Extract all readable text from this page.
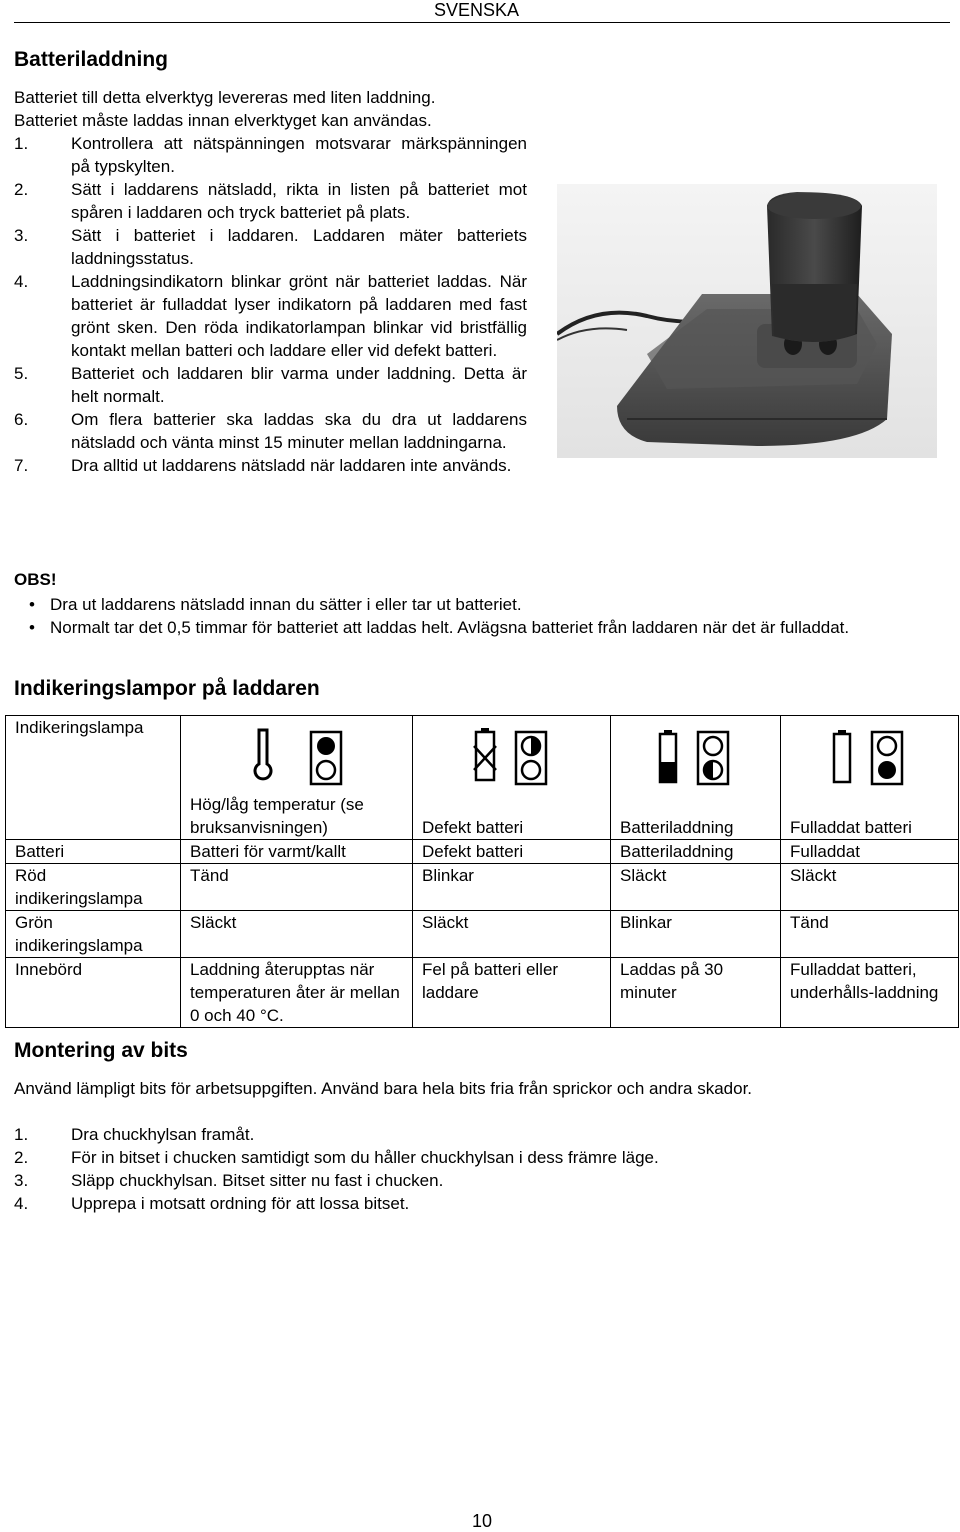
SVENSKA
Batteriladdning
Batteriet till detta elverktyg levereras med liten laddning.
Batteriet måste laddas innan elverktyget kan användas.
1.	Kontrollera att nätspänningen motsvarar märkspänningen på typskylten.
2.	Sätt i laddarens nätsladd, rikta in listen på batteriet mot spåren i laddaren och tryck batteriet på plats.
3.	Sätt i batteriet i laddaren. Laddaren mäter batteriets laddningsstatus.
4.	Laddningsindikatorn blinkar grönt när batteriet laddas. När batteriet är fulladdat lyser indikatorn på laddaren med fast grönt sken. Den röda indikatorlampan blinkar vid bristfällig kontakt mellan batteri och laddare eller vid defekt batteri.
5.	Batteriet och laddaren blir varma under laddning. Detta är helt normalt.
6.	Om flera batterier ska laddas ska du dra ut laddarens nätsladd och vänta minst 15 minuter mellan laddningarna.
7.	Dra alltid ut laddarens nätsladd när laddaren inte används.
OBS!
• Dra ut laddarens nätsladd innan du sätter i eller tar ut batteriet.
• Normalt tar det 0,5 timmar för batteriet att laddas helt. Avlägsna batteriet från laddaren när det är fulladdat.
Indikeringslampor på laddaren
Indikeringslampa	Hög/låg temperatur (se bruksanvisningen)	Defekt batteri	Batteriladdning	Fulladdat batteri

Batteri	Batteri för varmt/kallt	Defekt batteri	Batteriladdning	Fulladdat
Röd indikeringslampa	Tänd	Blinkar	Släckt	Släckt
Grön indikeringslampa	Släckt	Släckt	Blinkar	Tänd
Innebörd	Laddning återupptas när temperaturen åter är mellan 0 och 40 °C.	Fel på batteri eller laddare	Laddas på 30 minuter	Fulladdat batteri, underhålls-laddning
Montering av bits
Använd lämpligt bits för arbetsuppgiften. Använd bara hela bits fria från sprickor och andra skador.
1.	Dra chuckhylsan framåt.
2.	För in bitset i chucken samtidigt som du håller chuckhylsan i dess främre läge.
3.	Släpp chuckhylsan. Bitset sitter nu fast i chucken.
4.	Upprepa i motsatt ordning för att lossa bitset.
10
